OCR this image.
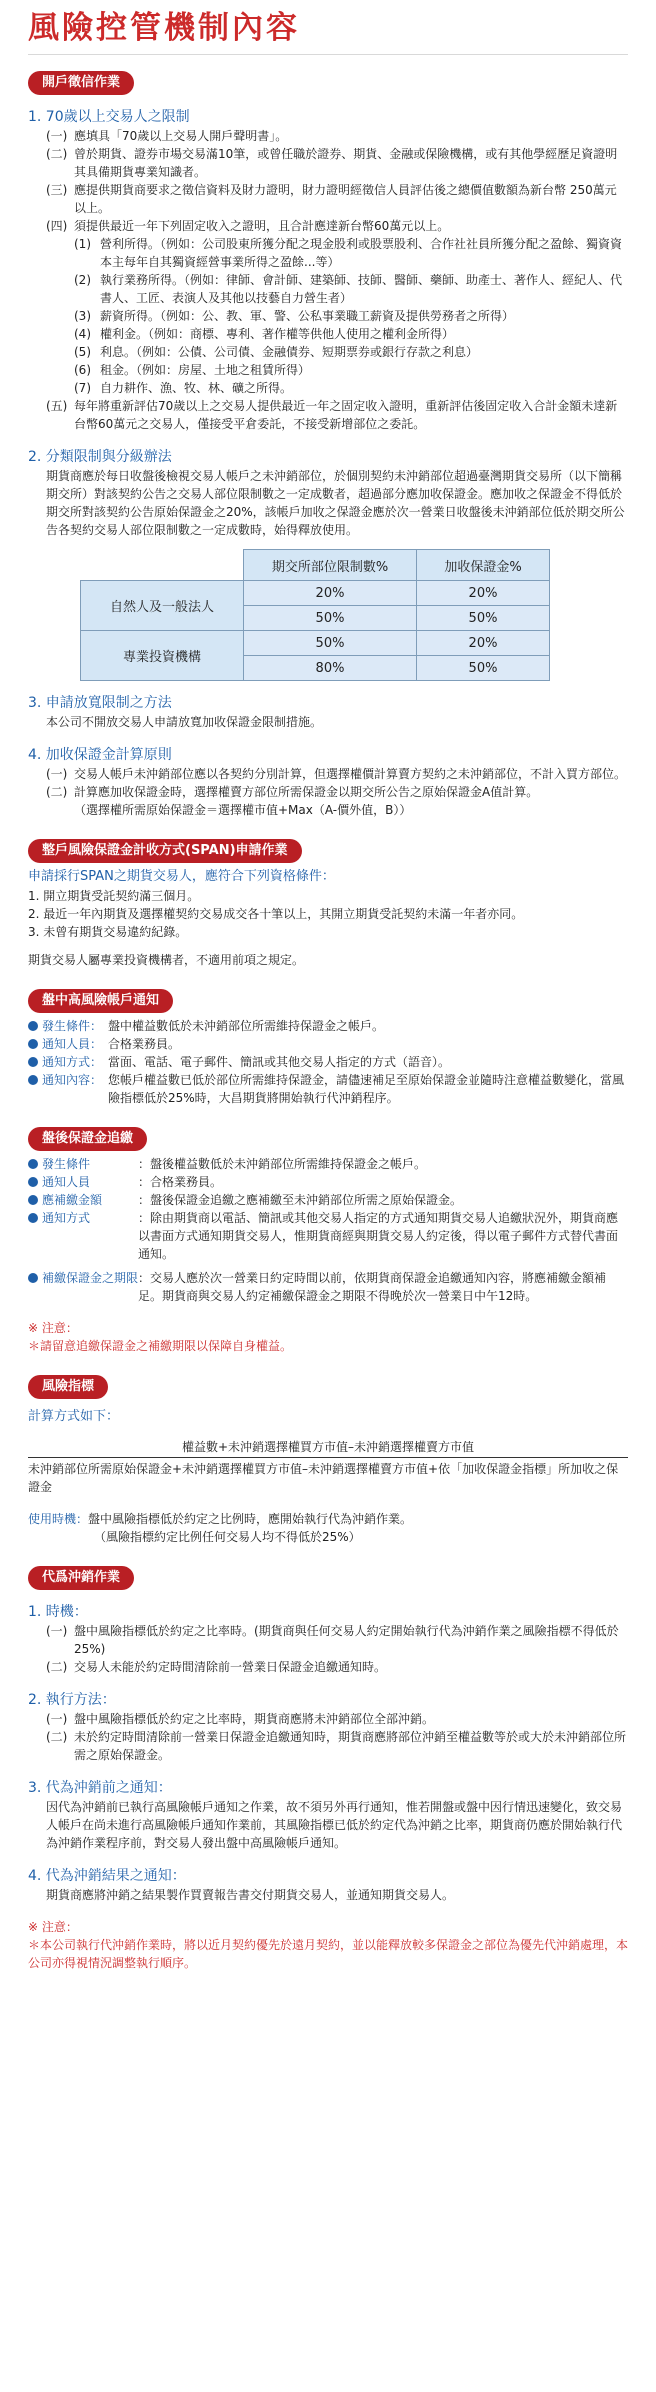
風險控管機制內容
開戶徵信作業
1. 70歲以上交易人之限制
(一) 應填具「70歲以上交易人開戶聲明書」。
(二) 曾於期貨、證券市場交易滿10筆，或曾任職於證券、期貨、金融或保險機構，或有其他學經歷足資證明其具備期貨專業知識者。
(三) 應提供期貨商要求之徵信資料及財力證明，財力證明經徵信人員評估後之總價值數額為新台幣 250萬元以上。
(四) 須提供最近一年下列固定收入之證明，且合計應達新台幣60萬元以上。
(1) 營利所得。（例如：公司股東所獲分配之現金股利或股票股利、合作社社員所獲分配之盈餘、獨資資本主每年自其獨資經營事業所得之盈餘...等）
(2) 執行業務所得。（例如：律師、會計師、建築師、技師、醫師、藥師、助產士、著作人、經紀人、代書人、工匠、表演人及其他以技藝自力營生者）
(3) 薪資所得。（例如：公、教、軍、警、公私事業職工薪資及提供勞務者之所得）
(4) 權利金。（例如：商標、專利、著作權等供他人使用之權利金所得）
(5) 利息。（例如：公債、公司債、金融債券、短期票券或銀行存款之利息）
(6) 租金。（例如：房屋、土地之租賃所得）
(7) 自力耕作、漁、牧、林、礦之所得。
(五) 每年將重新評估70歲以上之交易人提供最近一年之固定收入證明，重新評估後固定收入合計金額未達新台幣60萬元之交易人，僅接受平倉委託，不接受新增部位之委託。
2. 分類限制與分級辦法
期貨商應於每日收盤後檢視交易人帳戶之未沖銷部位，於個別契約未沖銷部位超過臺灣期貨交易所（以下簡稱期交所）對該契約公告之交易人部位限制數之一定成數者，超過部分應加收保證金。應加收之保證金不得低於期交所對該契約公告原始保證金之20%，該帳戶加收之保證金應於次一營業日收盤後未沖銷部位低於期交所公告各契約交易人部位限制數之一定成數時，始得釋放使用。
	期交所部位限制數%	加收保證金%
自然人及一般法人	20%	20%
	50%	50%
專業投資機構	50%	20%
	80%	50%
3. 申請放寬限制之方法
本公司不開放交易人申請放寬加收保證金限制措施。
4. 加收保證金計算原則
(一) 交易人帳戶未沖銷部位應以各契約分別計算，但選擇權價計算賣方契約之未沖銷部位，不計入買方部位。
(二) 計算應加收保證金時，選擇權賣方部位所需保證金以期交所公告之原始保證金A值計算。
（選擇權所需原始保證金＝選擇權市值+Max（A-價外值，B））
整戶風險保證金計收方式(SPAN)申請作業
申請採行SPAN之期貨交易人，應符合下列資格條件：
1. 開立期貨受託契約滿三個月。
2. 最近一年內期貨及選擇權契約交易成交各十筆以上，其開立期貨受託契約未滿一年者亦同。
3. 未曾有期貨交易違約紀錄。
期貨交易人屬專業投資機構者，不適用前項之規定。
盤中高風險帳戶通知
發生條件： 盤中權益數低於未沖銷部位所需維持保證金之帳戶。
通知人員： 合格業務員。
通知方式： 當面、電話、電子郵件、簡訊或其他交易人指定的方式（語音）。
通知內容： 您帳戶權益數已低於部位所需維持保證金，請儘速補足至原始保證金並隨時注意權益數變化，當風險指標低於25%時，大昌期貨將開始執行代沖銷程序。
盤後保證金追繳
發生條件	：盤後權益數低於未沖銷部位所需維持保證金之帳戶。
通知人員	：合格業務員。
應補繳金額	：盤後保證金追繳之應補繳至未沖銷部位所需之原始保證金。
通知方式	：除由期貨商以電話、簡訊或其他交易人指定的方式通知期貨交易人追繳狀況外，期貨商應以書面方式通知期貨交易人，惟期貨商經與期貨交易人約定後，得以電子郵件方式替代書面通知。
補繳保證金之期限 ：交易人應於次一營業日約定時間以前，依期貨商保證金追繳通知內容，將應補繳金額補足。期貨商與交易人約定補繳保證金之期限不得晚於次一營業日中午12時。
※ 注意：
＊請留意追繳保證金之補繳期限以保障自身權益。
風險指標
計算方式如下：
權益數+未沖銷選擇權買方市值–未沖銷選擇權賣方市值
未沖銷部位所需原始保證金+未沖銷選擇權買方市值–未沖銷選擇權賣方市值+依「加收保證金指標」所加收之保證金
使用時機： 盤中風險指標低於約定之比例時，應開始執行代為沖銷作業。
（風險指標約定比例任何交易人均不得低於25%）
代爲沖銷作業
1. 時機：
(一) 盤中風險指標低於約定之比率時。(期貨商與任何交易人約定開始執行代為沖銷作業之風險指標不得低於25%)
(二) 交易人未能於約定時間清除前一營業日保證金追繳通知時。
2. 執行方法：
(一) 盤中風險指標低於約定之比率時，期貨商應將未沖銷部位全部沖銷。
(二) 未於約定時間清除前一營業日保證金追繳通知時，期貨商應將部位沖銷至權益數等於或大於未沖銷部位所需之原始保證金。
3. 代為沖銷前之通知：
因代為沖銷前已執行高風險帳戶通知之作業，故不須另外再行通知，惟若開盤或盤中因行情迅速變化，致交易人帳戶在尚未進行高風險帳戶通知作業前，其風險指標已低於約定代為沖銷之比率，期貨商仍應於開始執行代為沖銷作業程序前，對交易人發出盤中高風險帳戶通知。
4. 代為沖銷結果之通知：
期貨商應將沖銷之結果製作買賣報告書交付期貨交易人，並通知期貨交易人。
※ 注意：
＊本公司執行代沖銷作業時，將以近月契約優先於遠月契約，並以能釋放較多保證金之部位為優先代沖銷處理，本公司亦得視情況調整執行順序。
